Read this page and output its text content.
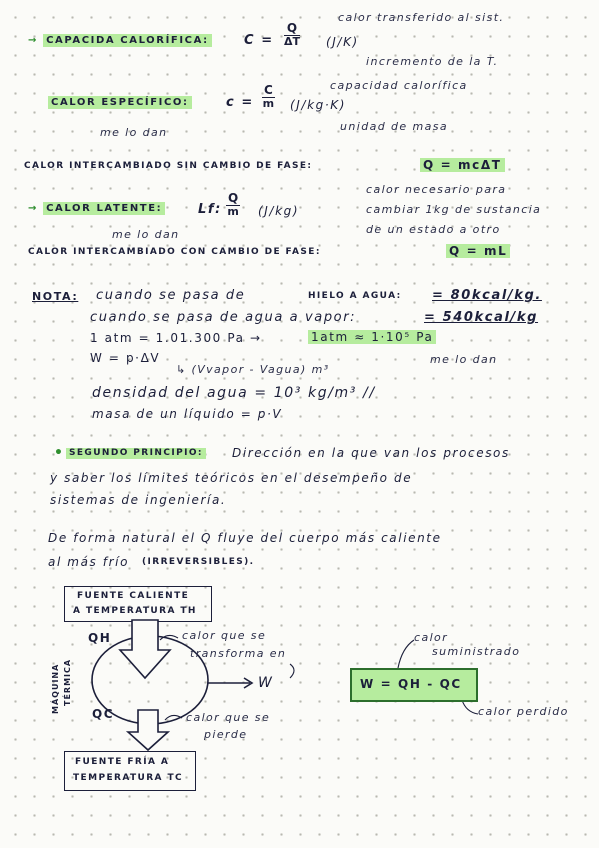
→ CAPACIDA CALORÍFICA:	$C = \frac{Q}{\Delta T} (J/K)$
calor transferido al sist.
incremento de la T.
CALOR ESPECÍFICO:	$c = \frac{C}{m} (J/kg\cdot K)$
capacidad calorífica
unidad de masa
me lo dan
CALOR INTERCAMBIADO SIN CAMBIO DE FASE:	Q = mcΔT
→ CALOR LATENTE:	Lf: $\frac{Q}{m} (J/kg)$
me lo dan
calor necesario para
cambiar 1kg de sustancia
de un estado a otro
CALOR INTERCAMBIADO CON CAMBIO DE FASE:	Q = mL
NOTA: cuando se pasa de	HIELO A AGUA: = 80kcal/kg.
cuando se pasa de agua a vapor:	= 540kcal/kg
1 atm = 1.01.300 Pa →	1atm ≈ 1·10⁵ Pa
W = p·ΔV
↳ (Vvapor - Vagua) m³
me lo dan
densidad del agua = 10³ kg/m³ //
masa de un líquido = p·V
• SEGUNDO PRINCIPIO: Dirección en la que van los procesos
y saber los límites teóricos en el desempeño de
sistemas de ingeniería.
De forma natural el Q fluye del cuerpo más caliente
al más frío (IRREVERSIBLES).
FUENTE CALIENTE
A TEMPERATURA TH
FUENTE FRÍA A
TEMPERATURA TC
QH	calor que se
transforma en
W
MÁQUINA TÉRMICA
QC	calor que se
pierde
W = QH - QC
calor
suministrado
calor perdido
